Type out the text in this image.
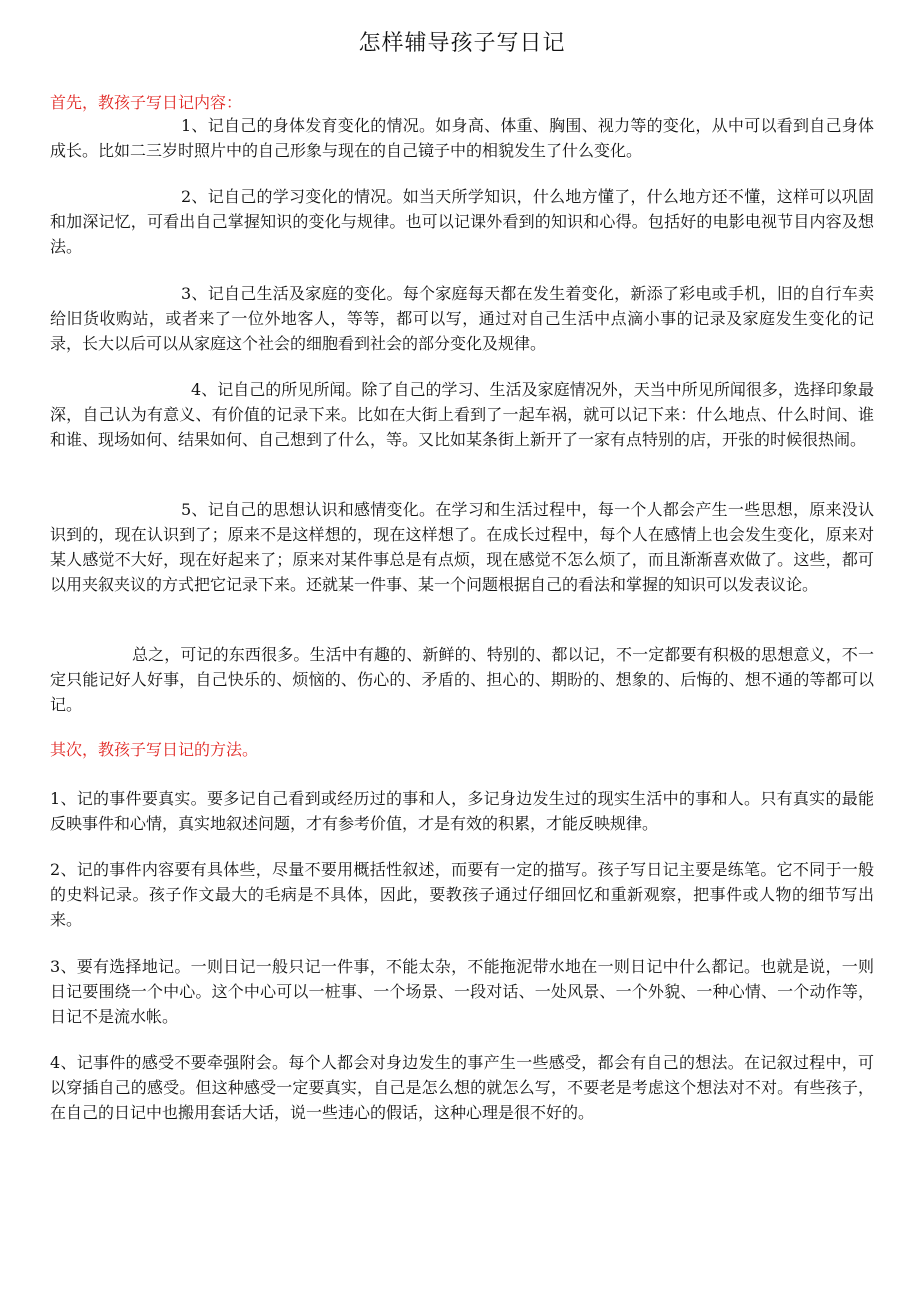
怎样辅导孩子写日记

首先，教孩子写日记内容：

1、记自己的身体发育变化的情况。如身高、体重、胸围、视力等的变化，从中可以看到自己身体成长。比如二三岁时照片中的自己形象与现在的自己镜子中的相貌发生了什么变化。

2、记自己的学习变化的情况。如当天所学知识，什么地方懂了，什么地方还不懂，这样可以巩固和加深记忆，可看出自己掌握知识的变化与规律。也可以记课外看到的知识和心得。包括好的电影电视节目内容及想法。

3、记自己生活及家庭的变化。每个家庭每天都在发生着变化，新添了彩电或手机，旧的自行车卖给旧货收购站，或者来了一位外地客人，等等，都可以写，通过对自己生活中点滴小事的记录及家庭发生变化的记录，长大以后可以从家庭这个社会的细胞看到社会的部分变化及规律。

4、记自己的所见所闻。除了自己的学习、生活及家庭情况外，天当中所见所闻很多，选择印象最深，自己认为有意义、有价值的记录下来。比如在大街上看到了一起车祸，就可以记下来：什么地点、什么时间、谁和谁、现场如何、结果如何、自己想到了什么，等。又比如某条街上新开了一家有点特别的店，开张的时候很热闹。

5、记自己的思想认识和感情变化。在学习和生活过程中，每一个人都会产生一些思想，原来没认识到的，现在认识到了；原来不是这样想的，现在这样想了。在成长过程中，每个人在感情上也会发生变化，原来对某人感觉不大好，现在好起来了；原来对某件事总是有点烦，现在感觉不怎么烦了，而且渐渐喜欢做了。这些，都可以用夹叙夹议的方式把它记录下来。还就某一件事、某一个问题根据自己的看法和掌握的知识可以发表议论。

总之，可记的东西很多。生活中有趣的、新鲜的、特别的、都以记，不一定都要有积极的思想意义，不一定只能记好人好事，自己快乐的、烦恼的、伤心的、矛盾的、担心的、期盼的、想象的、后悔的、想不通的等都可以记。

其次，教孩子写日记的方法。

1、记的事件要真实。要多记自己看到或经历过的事和人，多记身边发生过的现实生活中的事和人。只有真实的最能反映事件和心情，真实地叙述问题，才有参考价值，才是有效的积累，才能反映规律。

2、记的事件内容要有具体些，尽量不要用概括性叙述，而要有一定的描写。孩子写日记主要是练笔。它不同于一般的史料记录。孩子作文最大的毛病是不具体，因此，要教孩子通过仔细回忆和重新观察，把事件或人物的细节写出来。

3、要有选择地记。一则日记一般只记一件事，不能太杂，不能拖泥带水地在一则日记中什么都记。也就是说，一则日记要围绕一个中心。这个中心可以一桩事、一个场景、一段对话、一处风景、一个外貌、一种心情、一个动作等，日记不是流水帐。

4、记事件的感受不要牵强附会。每个人都会对身边发生的事产生一些感受，都会有自己的想法。在记叙过程中，可以穿插自己的感受。但这种感受一定要真实，自己是怎么想的就怎么写，不要老是考虑这个想法对不对。有些孩子，在自己的日记中也搬用套话大话，说一些违心的假话，这种心理是很不好的。
